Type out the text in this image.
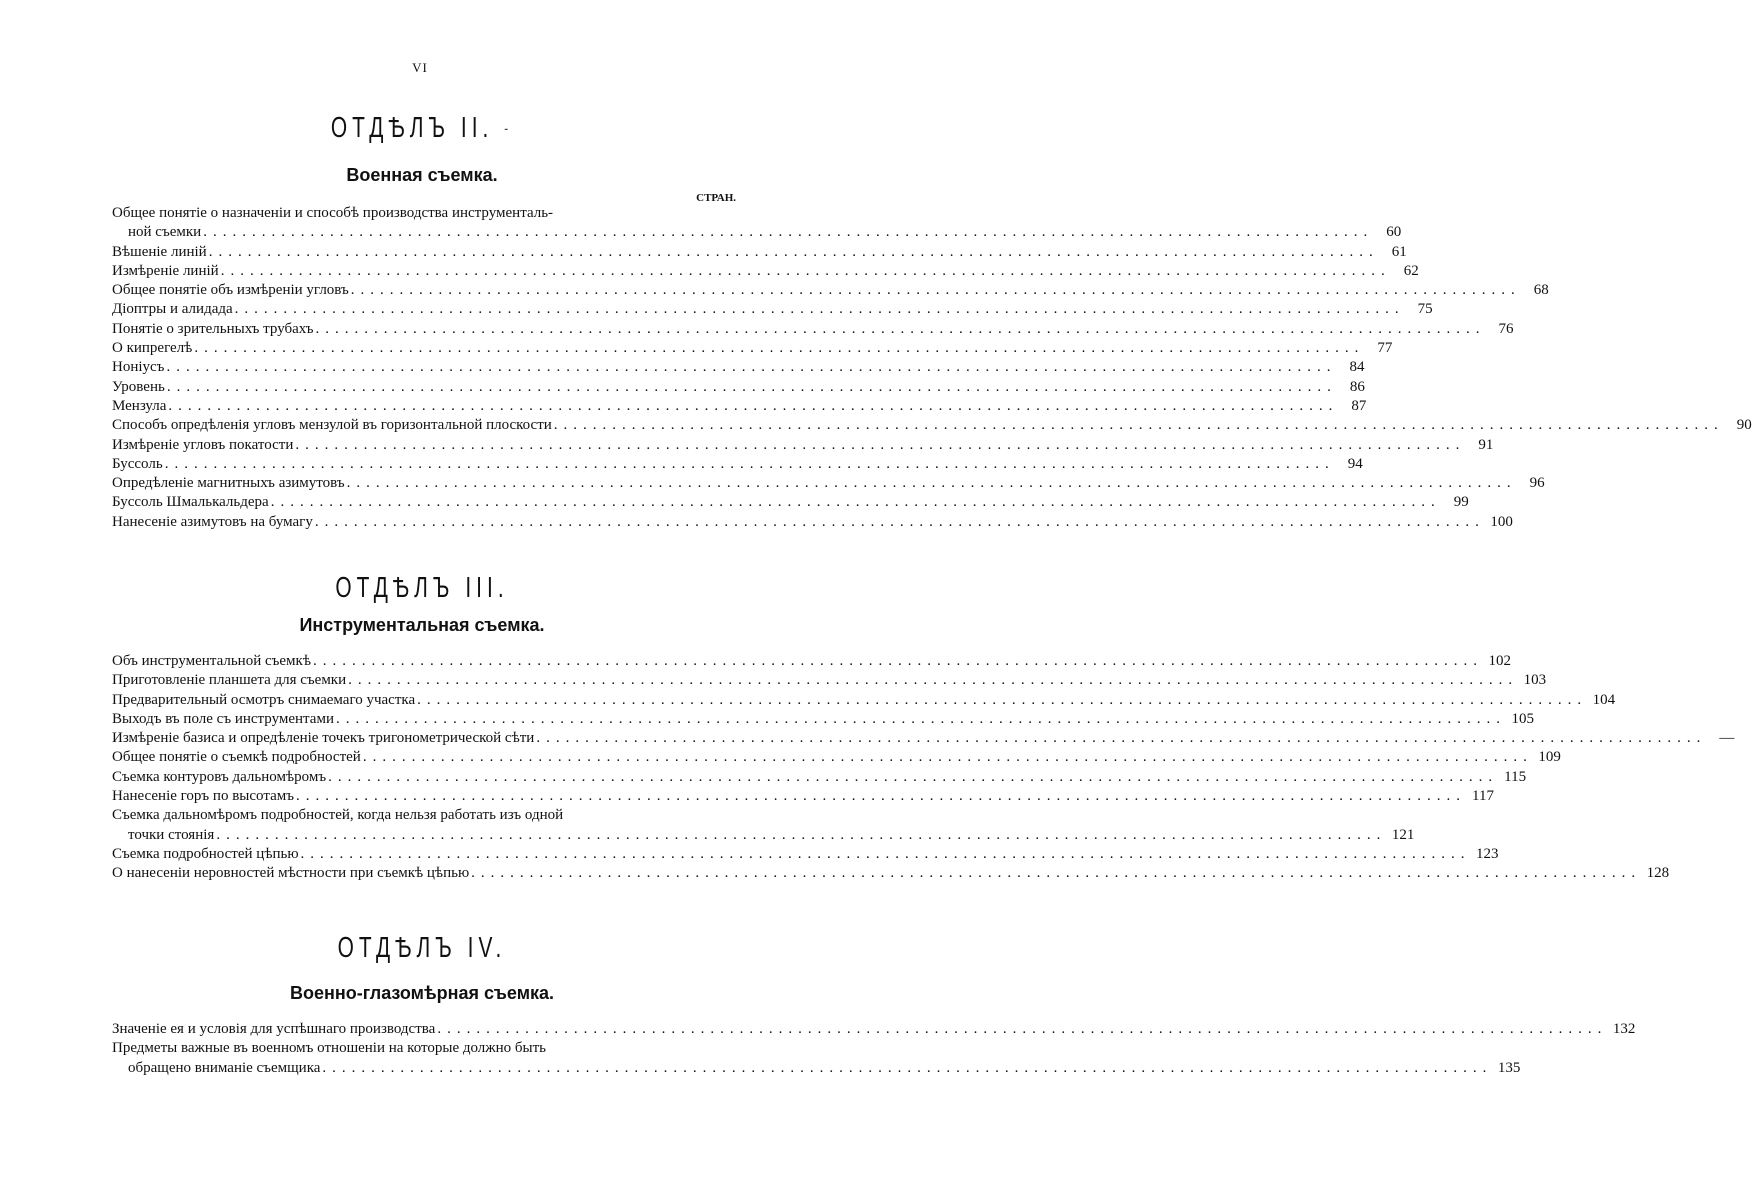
VI
ОТДѢЛЪ II. -
Военная съемка.
СТРАН.
Общее понятіе о назначеніи и способѣ производства инструменталь-
ной съемки ........................................................................................................................ 60
Вѣшеніе линій ........................................................................................................................ 61
Измѣреніе линій ........................................................................................................................ 62
Общее понятіе объ измѣреніи угловъ ........................................................................................................................ 68
Діоптры и алидада ........................................................................................................................ 75
Понятіе о зрительныхъ трубахъ ........................................................................................................................ 76
О кипрегелѣ ........................................................................................................................ 77
Ноніусъ ........................................................................................................................ 84
Уровень ........................................................................................................................ 86
Мензула ........................................................................................................................ 87
Способъ опредѣленія угловъ мензулой въ горизонтальной плоскости ........................................................................................................................ 90
Измѣреніе угловъ покатости ........................................................................................................................ 91
Буссоль ........................................................................................................................ 94
Опредѣленіе магнитныхъ азимутовъ ........................................................................................................................ 96
Буссоль Шмалькальдера ........................................................................................................................ 99
Нанесеніе азимутовъ на бумагу ........................................................................................................................ 100
ОТДѢЛЪ III.
Инструментальная съемка.
Объ инструментальной съемкѣ ........................................................................................................................ 102
Приготовленіе планшета для съемки ........................................................................................................................ 103
Предварительный осмотръ снимаемаго участка ........................................................................................................................ 104
Выходъ въ поле съ инструментами ........................................................................................................................ 105
Измѣреніе базиса и опредѣленіе точекъ тригонометрической сѣти ........................................................................................................................ —
Общее понятіе о съемкѣ подробностей ........................................................................................................................ 109
Съемка контуровъ дальномѣромъ ........................................................................................................................ 115
Нанесеніе горъ по высотамъ ........................................................................................................................ 117
Съемка дальномѣромъ подробностей, когда нельзя работать изъ одной
точки стоянія ........................................................................................................................ 121
Съемка подробностей цѣпью ........................................................................................................................ 123
О нанесеніи неровностей мѣстности при съемкѣ цѣпью ........................................................................................................................ 128
ОТДѢЛЪ IV.
Военно-глазомѣрная съемка.
Значеніе ея и условія для успѣшнаго производства ........................................................................................................................ 132
Предметы важные въ военномъ отношеніи на которые должно быть
обращено вниманіе съемщика ........................................................................................................................ 135
